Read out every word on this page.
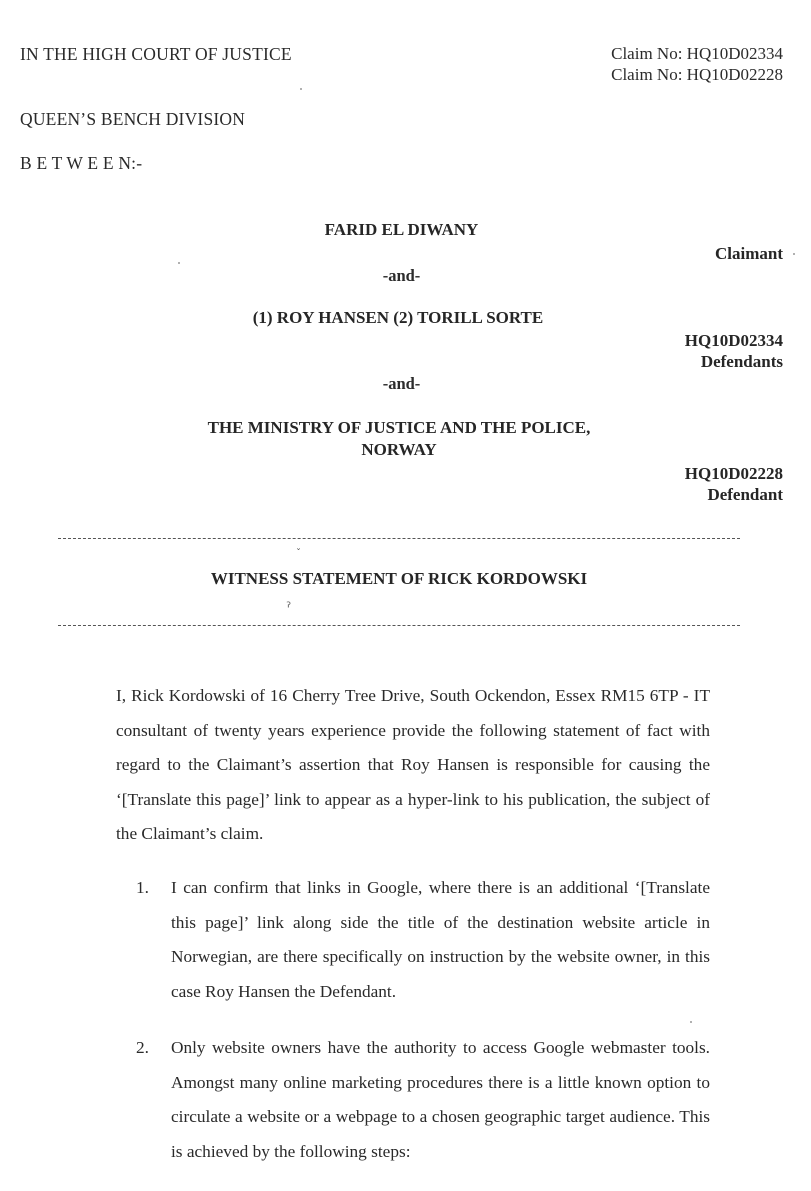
IN THE HIGH COURT OF JUSTICE	Claim No: HQ10D02334
Claim No: HQ10D02228
QUEEN’S BENCH DIVISION
B E T W E E N:-
FARID EL DIWANY
Claimant
-and-
(1) ROY HANSEN (2) TORILL SORTE
HQ10D02334
Defendants
-and-
THE MINISTRY OF JUSTICE AND THE POLICE,
NORWAY
HQ10D02228
Defendant
WITNESS STATEMENT OF RICK KORDOWSKI

I, Rick Kordowski of 16 Cherry Tree Drive, South Ockendon, Essex RM15 6TP - IT consultant of twenty years experience provide the following statement of fact with regard to the Claimant’s assertion that Roy Hansen is responsible for causing the ‘[Translate this page]’ link to appear as a hyper-link to his publication, the subject of the Claimant’s claim.

1.	I can confirm that links in Google, where there is an additional ‘[Translate this page]’ link along side the title of the destination website article in Norwegian, are there specifically on instruction by the website owner, in this case Roy Hansen the Defendant.

2.	Only website owners have the authority to access Google webmaster tools. Amongst many online marketing procedures there is a little known option to circulate a website or a webpage to a chosen geographic target audience. This is achieved by the following steps:

ˀ
ˇ
